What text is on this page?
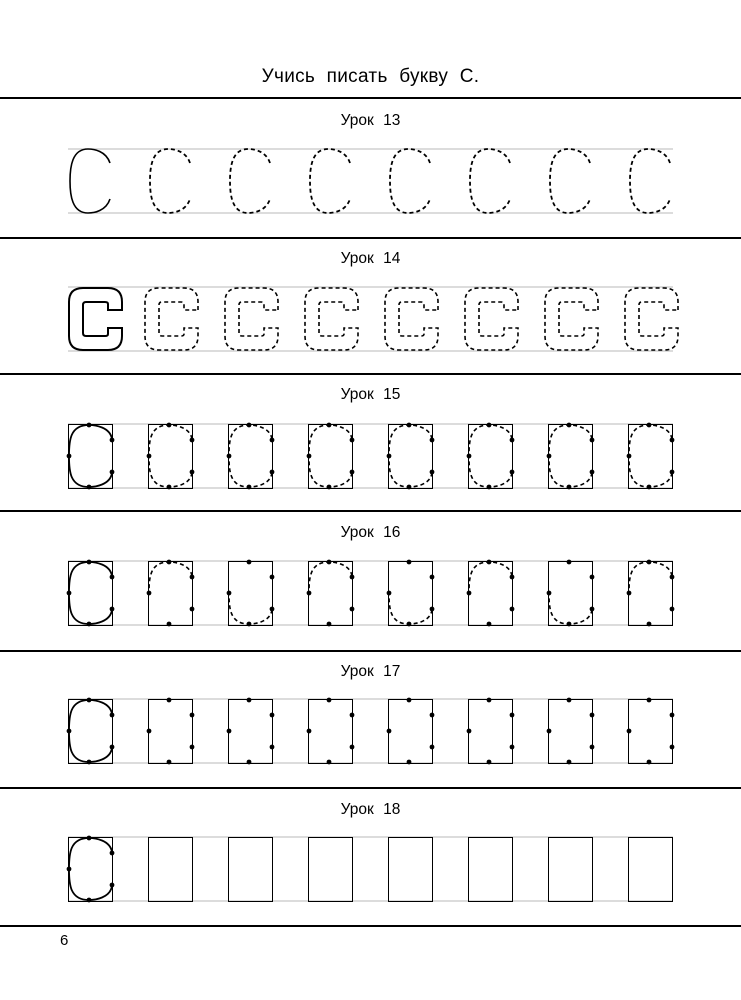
Учись писать букву С.
Урок 13
Урок 14
Урок 15
Урок 16
Урок 17
Урок 18
6
